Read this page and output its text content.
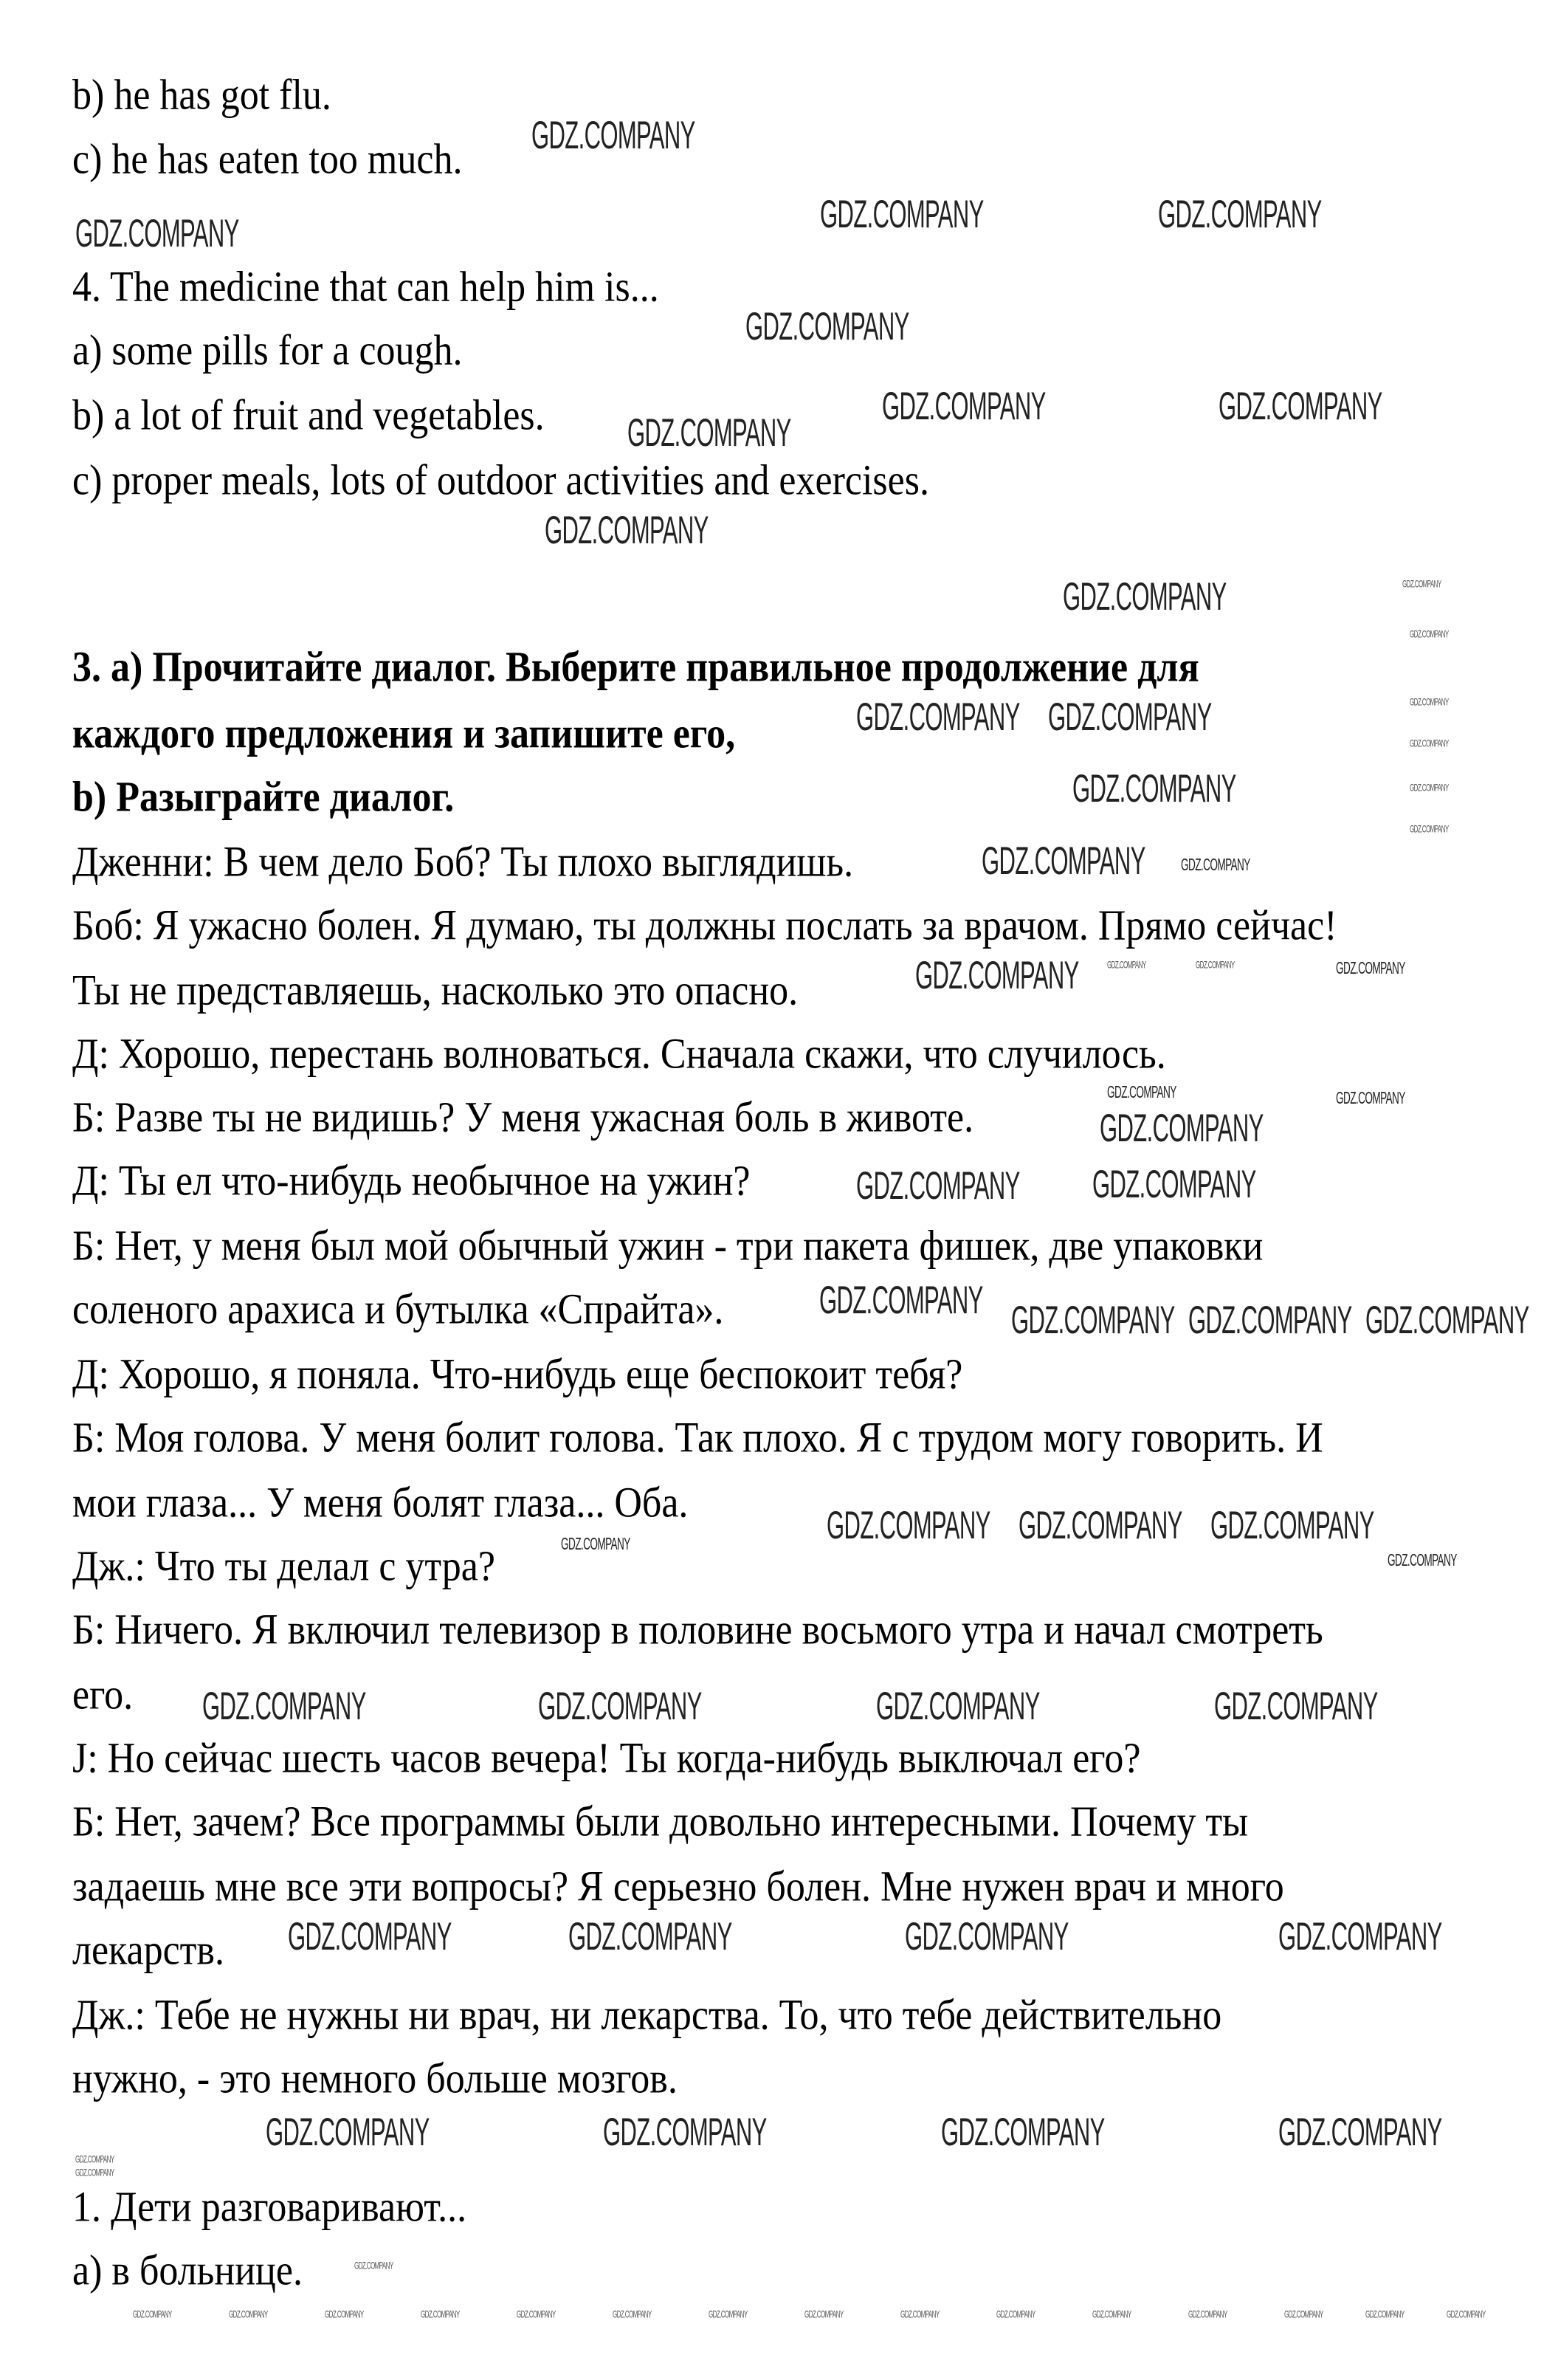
b) he has got flu.
c) he has eaten too much.
4. The medicine that can help him is...
a) some pills for a cough.
b) a lot of fruit and vegetables.
c) proper meals, lots of outdoor activities and exercises.
3. a) Прочитайте диалог. Выберите правильное продолжение для
каждого предложения и запишите его,
b) Разыграйте диалог.
Дженни: В чем дело Боб? Ты плохо выглядишь.
Боб: Я ужасно болен. Я думаю, ты должны послать за врачом. Прямо сейчас!
Ты не представляешь, насколько это опасно.
Д: Хорошо, перестань волноваться. Сначала скажи, что случилось.
Б: Разве ты не видишь? У меня ужасная боль в животе.
Д: Ты ел что-нибудь необычное на ужин?
Б: Нет, у меня был мой обычный ужин - три пакета фишек, две упаковки
соленого арахиса и бутылка «Спрайта».
Д: Хорошо, я поняла. Что-нибудь еще беспокоит тебя?
Б: Моя голова. У меня болит голова. Так плохо. Я с трудом могу говорить. И
мои глаза... У меня болят глаза... Оба.
Дж.: Что ты делал с утра?
Б: Ничего. Я включил телевизор в половине восьмого утра и начал смотреть
его.
J: Но сейчас шесть часов вечера! Ты когда-нибудь выключал его?
Б: Нет, зачем? Все программы были довольно интересными. Почему ты
задаешь мне все эти вопросы? Я серьезно болен. Мне нужен врач и много
лекарств.
Дж.: Тебе не нужны ни врач, ни лекарства. То, что тебе действительно
нужно, - это немного больше мозгов.
1. Дети разговаривают...
а) в больнице.
GDZ.COMPANY
GDZ.COMPANY	GDZ.COMPANY
GDZ.COMPANY
GDZ.COMPANY
GDZ.COMPANY	GDZ.COMPANY
GDZ.COMPANY
GDZ.COMPANY
GDZ.COMPANY
GDZ.COMPANY GDZ.COMPANY
GDZ.COMPANY
GDZ.COMPANY
GDZ.COMPANY
GDZ.COMPANY	GDZ.COMPANY
GDZ.COMPANY
GDZ.COMPANY
GDZ.COMPANY
GDZ.COMPANY GDZ.COMPANY
GDZ.COMPANY GDZ.COMPANY GDZ.COMPANY GDZ.COMPANY
GDZ.COMPANY	GDZ.COMPANY GDZ.COMPANY GDZ.COMPANY
GDZ.COMPANY
GDZ.COMPANY	GDZ.COMPANY	GDZ.COMPANY	GDZ.COMPANY
GDZ.COMPANY	GDZ.COMPANY	GDZ.COMPANY	GDZ.COMPANY
GDZ.COMPANY	GDZ.COMPANY	GDZ.COMPANY	GDZ.COMPANY
GDZ.COMPANY
GDZ.COMPANY
GDZ.COMPANY
GDZ.COMPANY
GDZ.COMPANY
GDZ.COMPANY
GDZ.COMPANY	GDZ.COMPANY
GDZ.COMPANY
GDZ.COMPANY
GDZ.COMPANY
GDZ.COMPANY	GDZ.COMPANY	GDZ.COMPANY	GDZ.COMPANY	GDZ.COMPANY	GDZ.COMPANY	GDZ.COMPANY	GDZ.COMPANY	GDZ.COMPANY	GDZ.COMPANY	GDZ.COMPANY	GDZ.COMPANY	GDZ.COMPANY	GDZ.COMPANY	GDZ.COMPANY
